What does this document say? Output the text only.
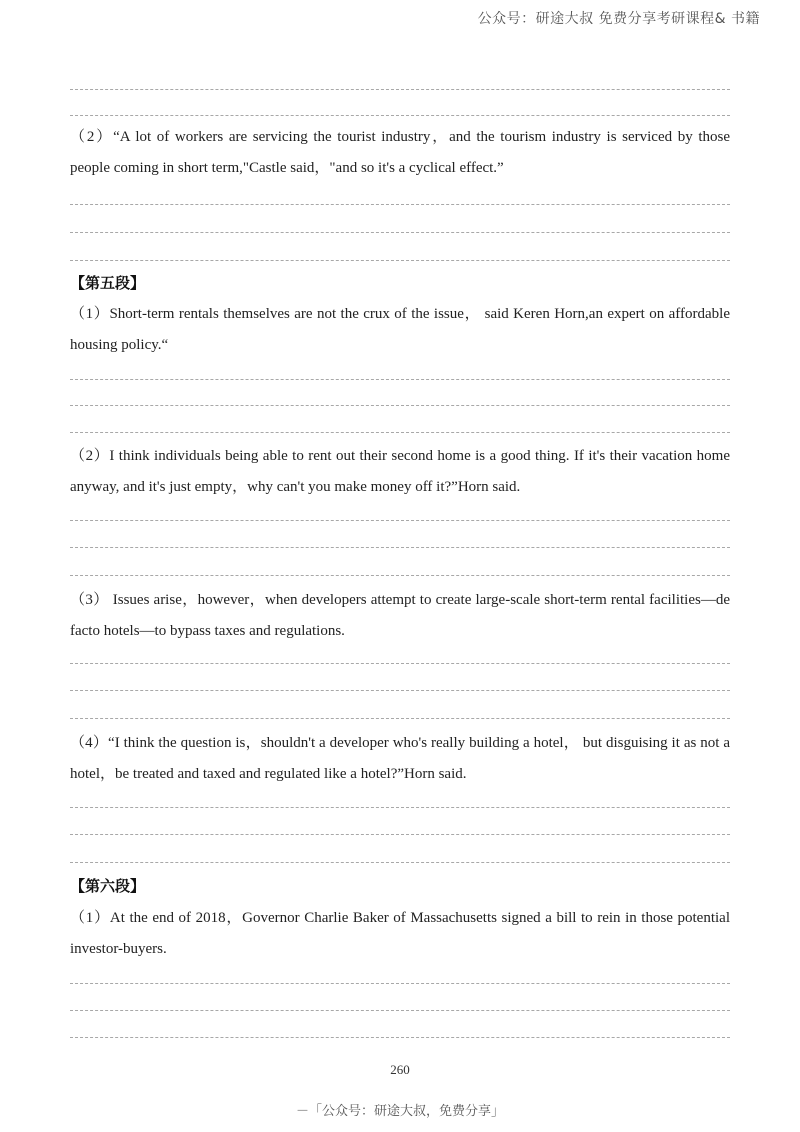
公众号：研途大叔 免费分享考研课程& 书籍

（2）“A lot of workers are servicing the tourist industry，and the tourism industry is serviced by those people coming in short term,"Castle said，"and so it's a cyclical effect.”

【第五段】

（1）Short-term rentals themselves are not the crux of the issue， said Keren Horn,an expert on affordable housing policy.“

（2）I think individuals being able to rent out their second home is a good thing. If it's their vacation home anyway, and it's just empty，why can't you make money off it?”Horn said.

（3） Issues arise，however，when developers attempt to create large-scale short-term rental facilities—de facto hotels—to bypass taxes and regulations.

（4）“I think the question is，shouldn't a developer who's really building a hotel， but disguising it as not a hotel，be treated and taxed and regulated like a hotel?”Horn said.

【第六段】

（1）At the end of 2018，Governor Charlie Baker of Massachusetts signed a bill to rein in those potential investor-buyers.

260
－「公众号：研途大叔，免费分享」
